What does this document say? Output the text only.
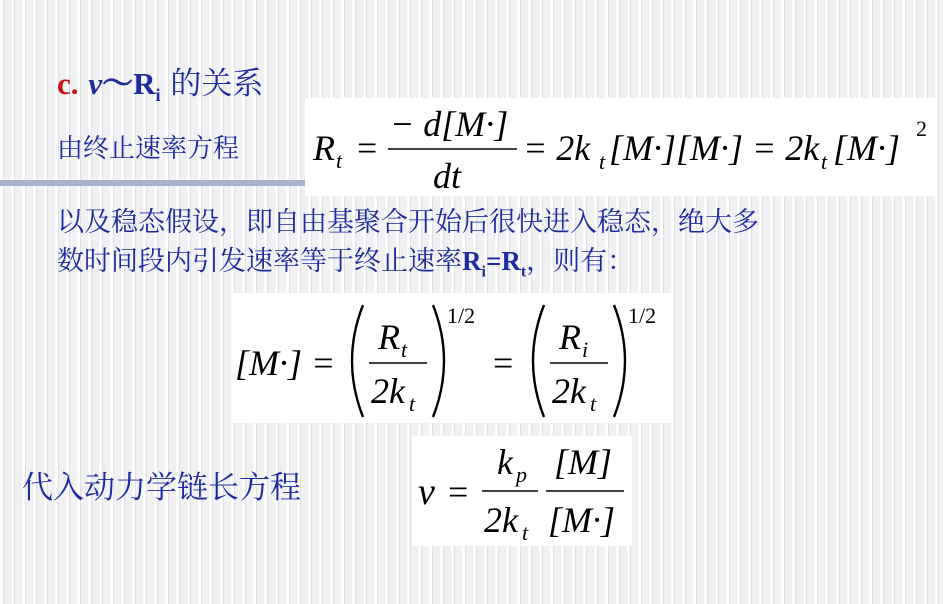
c. $v\sim R_i$ 的关系
由终止速率方程 R t =
− d[M·]
dt
= 2k t [M·][M·] = 2k t [M·] 2
以及稳态假设，即自由基聚合开始后很快进入稳态，绝大多
数时间段内引发速率等于终止速率$R_i=R_t$，则有：
[M·] =
R t
2k t
1/2
=
R i
2k t
1/2
代入动力学链长方程	ν =
k p
2k t
[M]
[M·]
